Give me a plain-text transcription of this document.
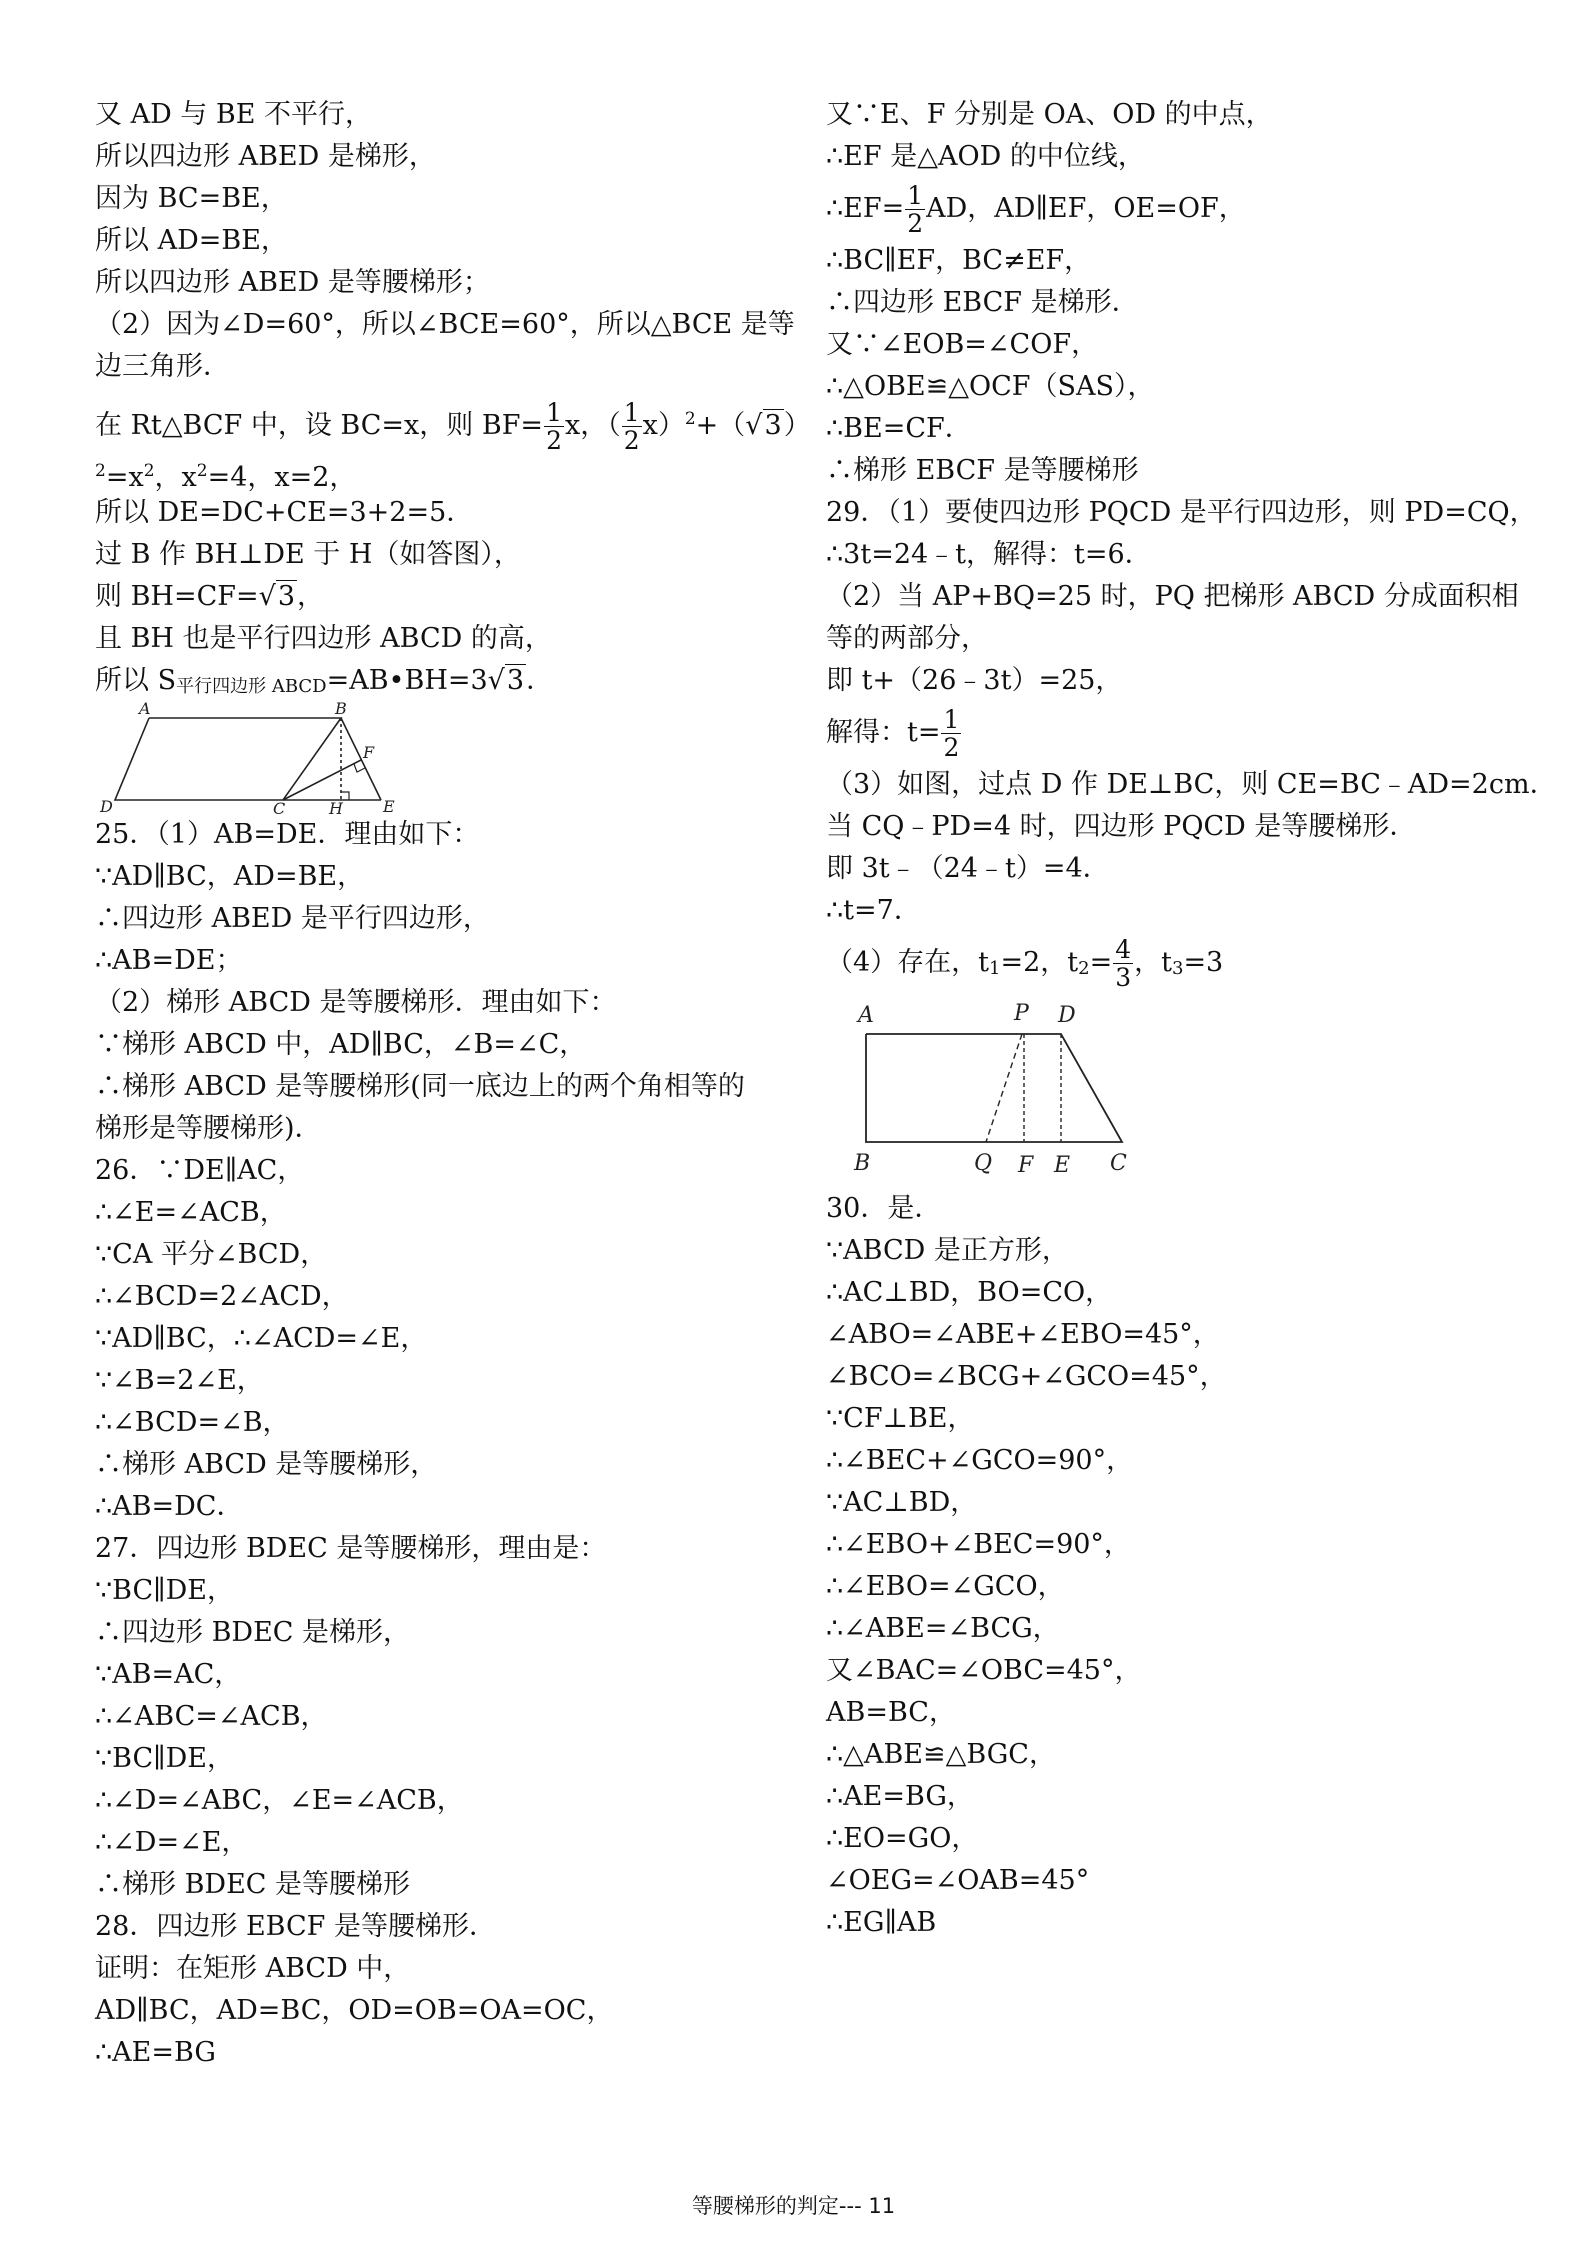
又 AD 与 BE 不平行，
所以四边形 ABED 是梯形，
因为 BC=BE，
所以 AD=BE，
所以四边形 ABED 是等腰梯形；
（2）因为∠D=60°，所以∠BCE=60°，所以△BCE 是等
边三角形．
在 Rt△BCF 中，设 BC=x，则 $BF= \frac{1}{2}$ x，（ $\frac{1}{2} x)^2+(√3)$
$^2=x^2$，$x^2=4$，x=2，
所以 DE=DC+CE=3+2=5．
过 B 作 BH⊥DE 于 H（如答图），
则 BH=CF=√3，
且 BH 也是平行四边形 ABCD 的高，
所以 S平行四边形 ABCD=AB•BH=3√3．
A	B
D	C	H	E
F
25．（1）AB=DE．理由如下：
∵AD∥BC，AD=BE，
∴四边形 ABED 是平行四边形，
∴AB=DE；
（2）梯形 ABCD 是等腰梯形．理由如下：
∵梯形 ABCD 中，AD∥BC，∠B=∠C，
∴梯形 ABCD 是等腰梯形(同一底边上的两个角相等的
梯形是等腰梯形)．
26．∵DE∥AC，
∴∠E=∠ACB，
∵CA 平分∠BCD，
∴∠BCD=2∠ACD，
∵AD∥BC，∴∠ACD=∠E，
∵∠B=2∠E，
∴∠BCD=∠B，
∴梯形 ABCD 是等腰梯形，
∴AB=DC．
27．四边形 BDEC 是等腰梯形，理由是：
∵BC∥DE，
∴四边形 BDEC 是梯形，
∵AB=AC，
∴∠ABC=∠ACB，
∵BC∥DE，
∴∠D=∠ABC，∠E=∠ACB，
∴∠D=∠E，
∴梯形 BDEC 是等腰梯形
28．四边形 EBCF 是等腰梯形．
证明：在矩形 ABCD 中，
AD∥BC，AD=BC，OD=OB=OA=OC，
∴AE=BG
又∵E、F 分别是 OA、OD 的中点，
∴EF 是△AOD 的中位线，
∴EF= $\frac{1}{2}$ AD，AD∥EF，OE=OF，
∴BC∥EF，BC≠EF，
∴四边形 EBCF 是梯形．
又∵∠EOB=∠COF，
∴△OBE≌△OCF（SAS），
∴BE=CF．
∴梯形 EBCF 是等腰梯形
29．（1）要使四边形 PQCD 是平行四边形，则 PD=CQ，
∴3t=24﹣t，解得：t=6．
（2）当 AP+BQ=25 时，PQ 把梯形 ABCD 分成面积相
等的两部分，
即 t+（26﹣3t）=25，
解得：$t= \frac{1}{2}$
（3）如图，过点 D 作 DE⊥BC，则 CE=BC﹣AD=2cm．
当 CQ﹣PD=4 时，四边形 PQCD 是等腰梯形．
即 3t﹣（24﹣t）=4．
∴t=7．
（4）存在，t1=2，$t2= \frac{4}{3}$ ，t3=3
A	P D
B	Q F E C
30．是．
∵ABCD 是正方形，
∴AC⊥BD，BO=CO，
∠ABO=∠ABE+∠EBO=45°，
∠BCO=∠BCG+∠GCO=45°，
∵CF⊥BE，
∴∠BEC+∠GCO=90°，
∵AC⊥BD，
∴∠EBO+∠BEC=90°，
∴∠EBO=∠GCO，
∴∠ABE=∠BCG，
又∠BAC=∠OBC=45°，
AB=BC，
∴△ABE≌△BGC，
∴AE=BG，
∴EO=GO，
∠OEG=∠OAB=45°
∴EG∥AB
等腰梯形的判定--- 11
